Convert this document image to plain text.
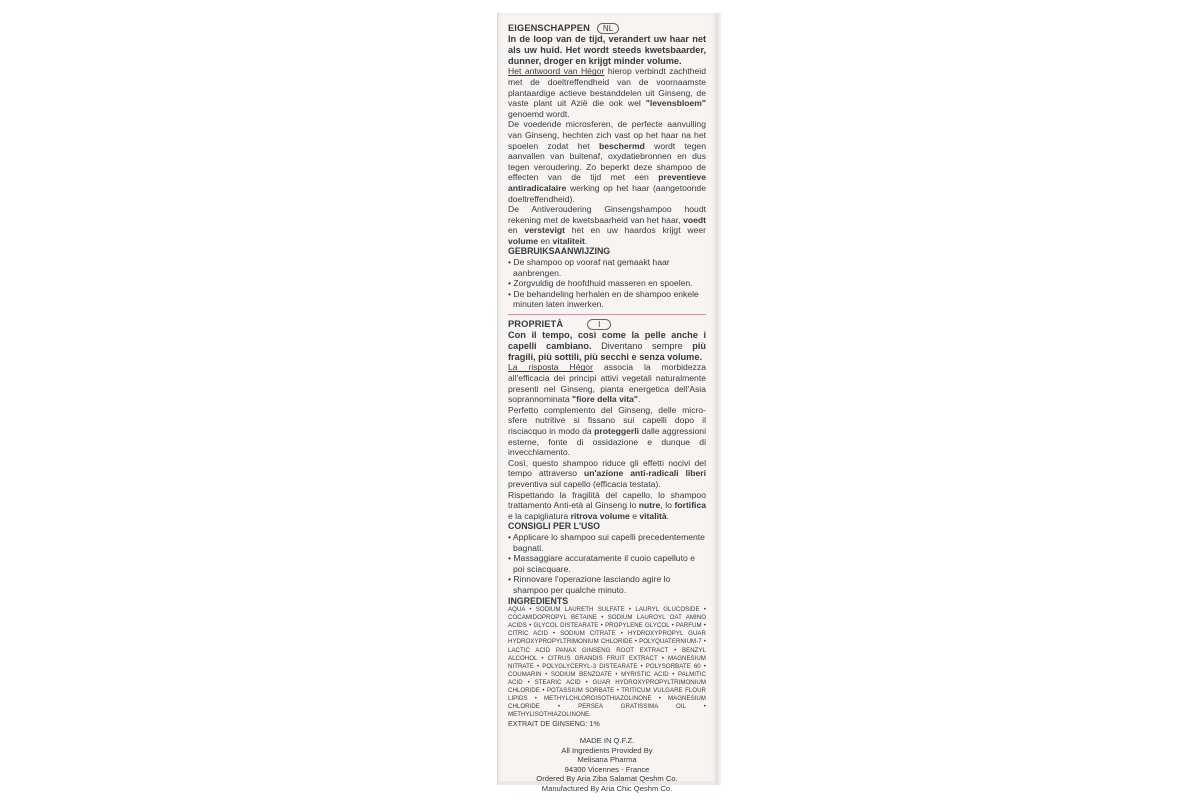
EIGENSCHAPPEN	NL

In de loop van de tijd, verandert uw haar net als uw huid. Het wordt steeds kwetsbaarder, dunner, droger en krijgt minder volume.

Het antwoord van Hégor hierop verbindt zachtheid met de doeltreffendheid van de voornaamste plantaardige actieve bestanddelen uit Ginseng, de vaste plant uit Azië die ook wel "levensbloem" genoemd wordt.

De voedende microsferen, de perfecte aanvulling van Ginseng, hechten zich vast op het haar na het spoelen zodat het beschermd wordt tegen aanvallen van buitenaf, oxydatiebronnen en dus tegen veroudering. Zo beperkt deze shampoo de effecten van de tijd met een preventieve antiradicalaire werking op het haar (aangetoonde doeltreffendheid).

De Antiveroudering Ginsengshampoo houdt rekening met de kwetsbaarheid van het haar, voedt en verstevigt het en uw haardos krijgt weer volume en vitaliteit.

GEBRUIKSAANWIJZING

• De shampoo op vooraf nat gemaakt haar aanbrengen.

• Zorgvuldig de hoofdhuid masseren en spoelen.

• De behandeling herhalen en de shampoo enkele minuten laten inwerken.

PROPRIETÀ	I

Con il tempo, così come la pelle anche i capelli cambiano. Diventano sempre più fragili, più sottili, più secchi e senza volume.

La risposta Hégor associa la morbidezza all'efficacia dei principi attivi vegetali naturalmente presenti nel Ginseng, pianta energetica dell'Asia soprannominata "fiore della vita".

Perfetto complemento del Ginseng, delle micro-sfere nutritive si fissano sui capelli dopo il risciacquo in modo da proteggerli dalle aggressioni esterne, fonte di ossidazione e dunque di invecchiamento.

Così, questo shampoo riduce gli effetti nocivi del tempo attraverso un'azione anti-radicali liberi preventiva sul capello (efficacia testata).

Rispettando la fragilità del capello, lo shampoo trattamento Anti-età al Ginseng lo nutre, lo fortifica e la capigliatura ritrova volume e vitalità.

CONSIGLI PER L'USO

• Applicare lo shampoo sui capelli precedentemente bagnati.

• Massaggiare accuratamente il cuoio capelluto e poi sciacquare.

• Rinnovare l'operazione lasciando agire lo shampoo per qualche minuto.

INGREDIENTS

AQUA • SODIUM LAURETH SULFATE • LAURYL GLUCOSIDE • COCAMIDOPROPYL BETAINE • SODIUM LAUROYL OAT AMINO ACIDS • GLYCOL DISTEARATE • PROPYLENE GLYCOL • PARFUM • CITRIC ACID • SODIUM CITRATE • HYDROXYPROPYL GUAR HYDROXYPROPYLTRIMONIUM CHLORIDE • POLYQUATERNIUM-7 • LACTIC ACID PANAX GINSENG ROOT EXTRACT • BENZYL ALCOHOL • CITRUS GRANDIS FRUIT EXTRACT • MAGNESIUM NITRATE • POLYGLYCERYL-3 DISTEARATE • POLYSORBATE 60 • COUMARIN • SODIUM BENZOATE • MYRISTIC ACID • PALMITIC ACID • STEARIC ACID • GUAR HYDROXYPROPYLTRIMONIUM CHLORIDE • POTASSIUM SORBATE • TRITICUM VULGARE FLOUR LIPIDS • METHYLCHLOROISOTHIAZOLINONE • MAGNESIUM CHLORIDE • PERSEA GRATISSIMA OIL • METHYLISOTHIAZOLINONE.

EXTRAIT DE GINSENG: 1%

MADE IN Q.F.Z.

All Ingredients Provided By

Melisana Pharma

94300 Vicennes - France

Ordered By Aria Ziba Salamat Qeshm Co.

Manufactured By Aria Chic Qeshm Co.
